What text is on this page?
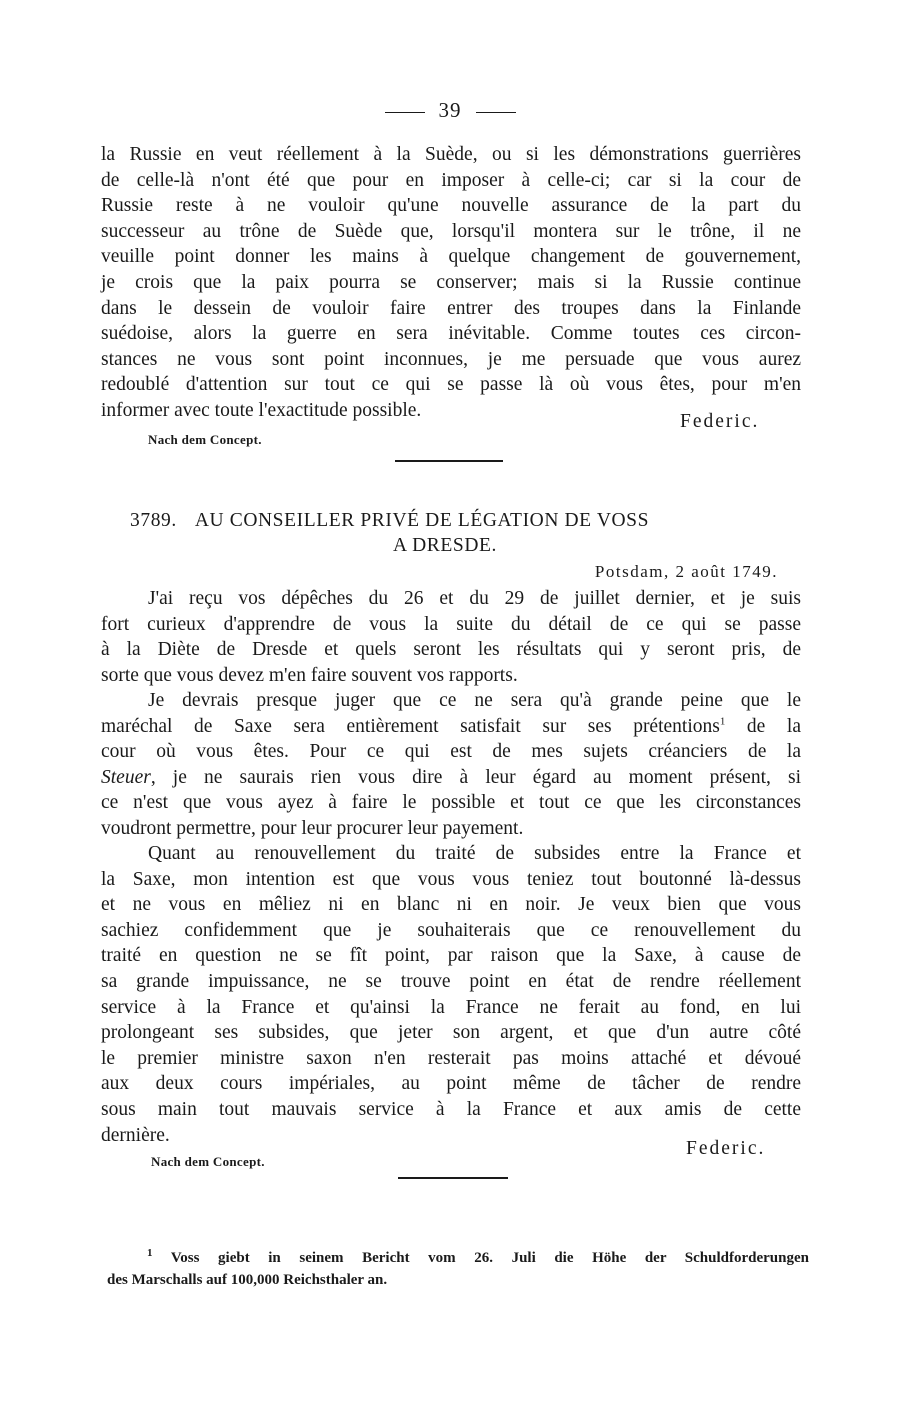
39
la Russie en veut réellement à la Suède, ou si les démonstrations guerrières
de celle-là n'ont été que pour en imposer à celle-ci; car si la cour de
Russie reste à ne vouloir qu'une nouvelle assurance de la part du
successeur au trône de Suède que, lorsqu'il montera sur le trône, il ne
veuille point donner les mains à quelque changement de gouvernement,
je crois que la paix pourra se conserver; mais si la Russie continue
dans le dessein de vouloir faire entrer des troupes dans la Finlande
suédoise, alors la guerre en sera inévitable. Comme toutes ces circon-
stances ne vous sont point inconnues, je me persuade que vous aurez
redoublé d'attention sur tout ce qui se passe là où vous êtes, pour m'en
informer avec toute l'exactitude possible.
Federic.
Nach dem Concept.
3789. AU CONSEILLER PRIVÉ DE LÉGATION DE VOSS
A DRESDE.
Potsdam, 2 août 1749.
J'ai reçu vos dépêches du 26 et du 29 de juillet dernier, et je suis
fort curieux d'apprendre de vous la suite du détail de ce qui se passe
à la Diète de Dresde et quels seront les résultats qui y seront pris, de
sorte que vous devez m'en faire souvent vos rapports.
Je devrais presque juger que ce ne sera qu'à grande peine que le
maréchal de Saxe sera entièrement satisfait sur ses prétentions$^1$ de la
cour où vous êtes. Pour ce qui est de mes sujets créanciers de la
Steuer, je ne saurais rien vous dire à leur égard au moment présent, si
ce n'est que vous ayez à faire le possible et tout ce que les circonstances
voudront permettre, pour leur procurer leur payement.
Quant au renouvellement du traité de subsides entre la France et
la Saxe, mon intention est que vous vous teniez tout boutonné là-dessus
et ne vous en mêliez ni en blanc ni en noir. Je veux bien que vous
sachiez confidemment que je souhaiterais que ce renouvellement du
traité en question ne se fît point, par raison que la Saxe, à cause de
sa grande impuissance, ne se trouve point en état de rendre réellement
service à la France et qu'ainsi la France ne ferait au fond, en lui
prolongeant ses subsides, que jeter son argent, et que d'un autre côté
le premier ministre saxon n'en resterait pas moins attaché et dévoué
aux deux cours impériales, au point même de tâcher de rendre
sous main tout mauvais service à la France et aux amis de cette
dernière.
Federic.
Nach dem Concept.
$^1$ Voss giebt in seinem Bericht vom 26. Juli die Höhe der Schuldforderungen
des Marschalls auf 100,000 Reichsthaler an.
